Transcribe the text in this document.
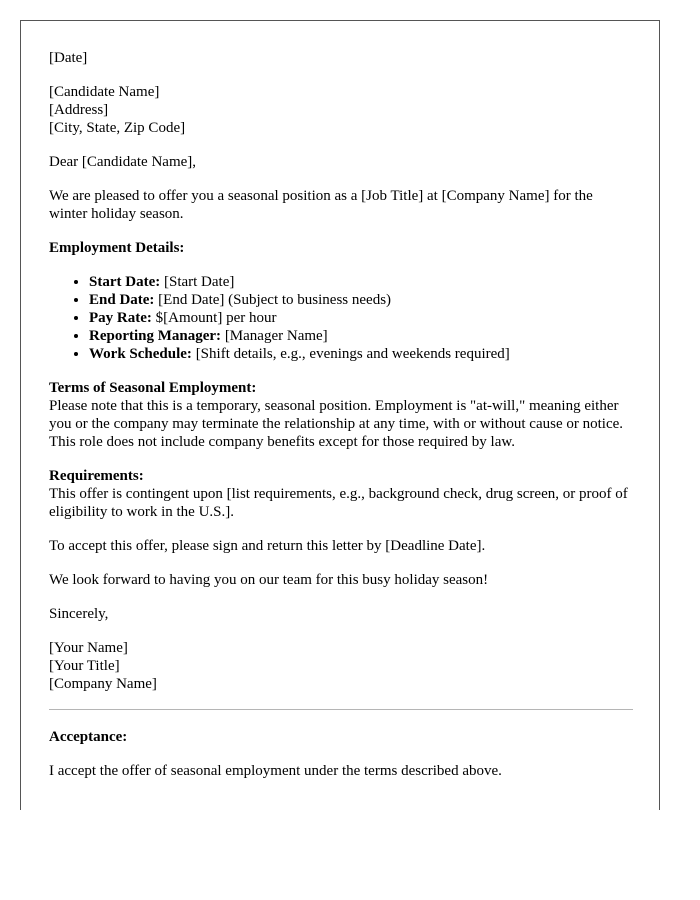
[Date]

[Candidate Name]
[Address]
[City, State, Zip Code]

Dear [Candidate Name],

We are pleased to offer you a seasonal position as a [Job Title] at [Company Name] for the winter holiday season.

Employment Details:

• Start Date: [Start Date]
• End Date: [End Date] (Subject to business needs)
• Pay Rate: $[Amount] per hour
• Reporting Manager: [Manager Name]
• Work Schedule: [Shift details, e.g., evenings and weekends required]
Terms of Seasonal Employment:
Please note that this is a temporary, seasonal position. Employment is "at-will," meaning either you or the company may terminate the relationship at any time, with or without cause or notice. This role does not include company benefits except for those required by law.
Requirements:
This offer is contingent upon [list requirements, e.g., background check, drug screen, or proof of eligibility to work in the U.S.].

To accept this offer, please sign and return this letter by [Deadline Date].

We look forward to having you on our team for this busy holiday season!

Sincerely,

[Your Name]
[Your Title]
[Company Name]

Acceptance:

I accept the offer of seasonal employment under the terms described above.
